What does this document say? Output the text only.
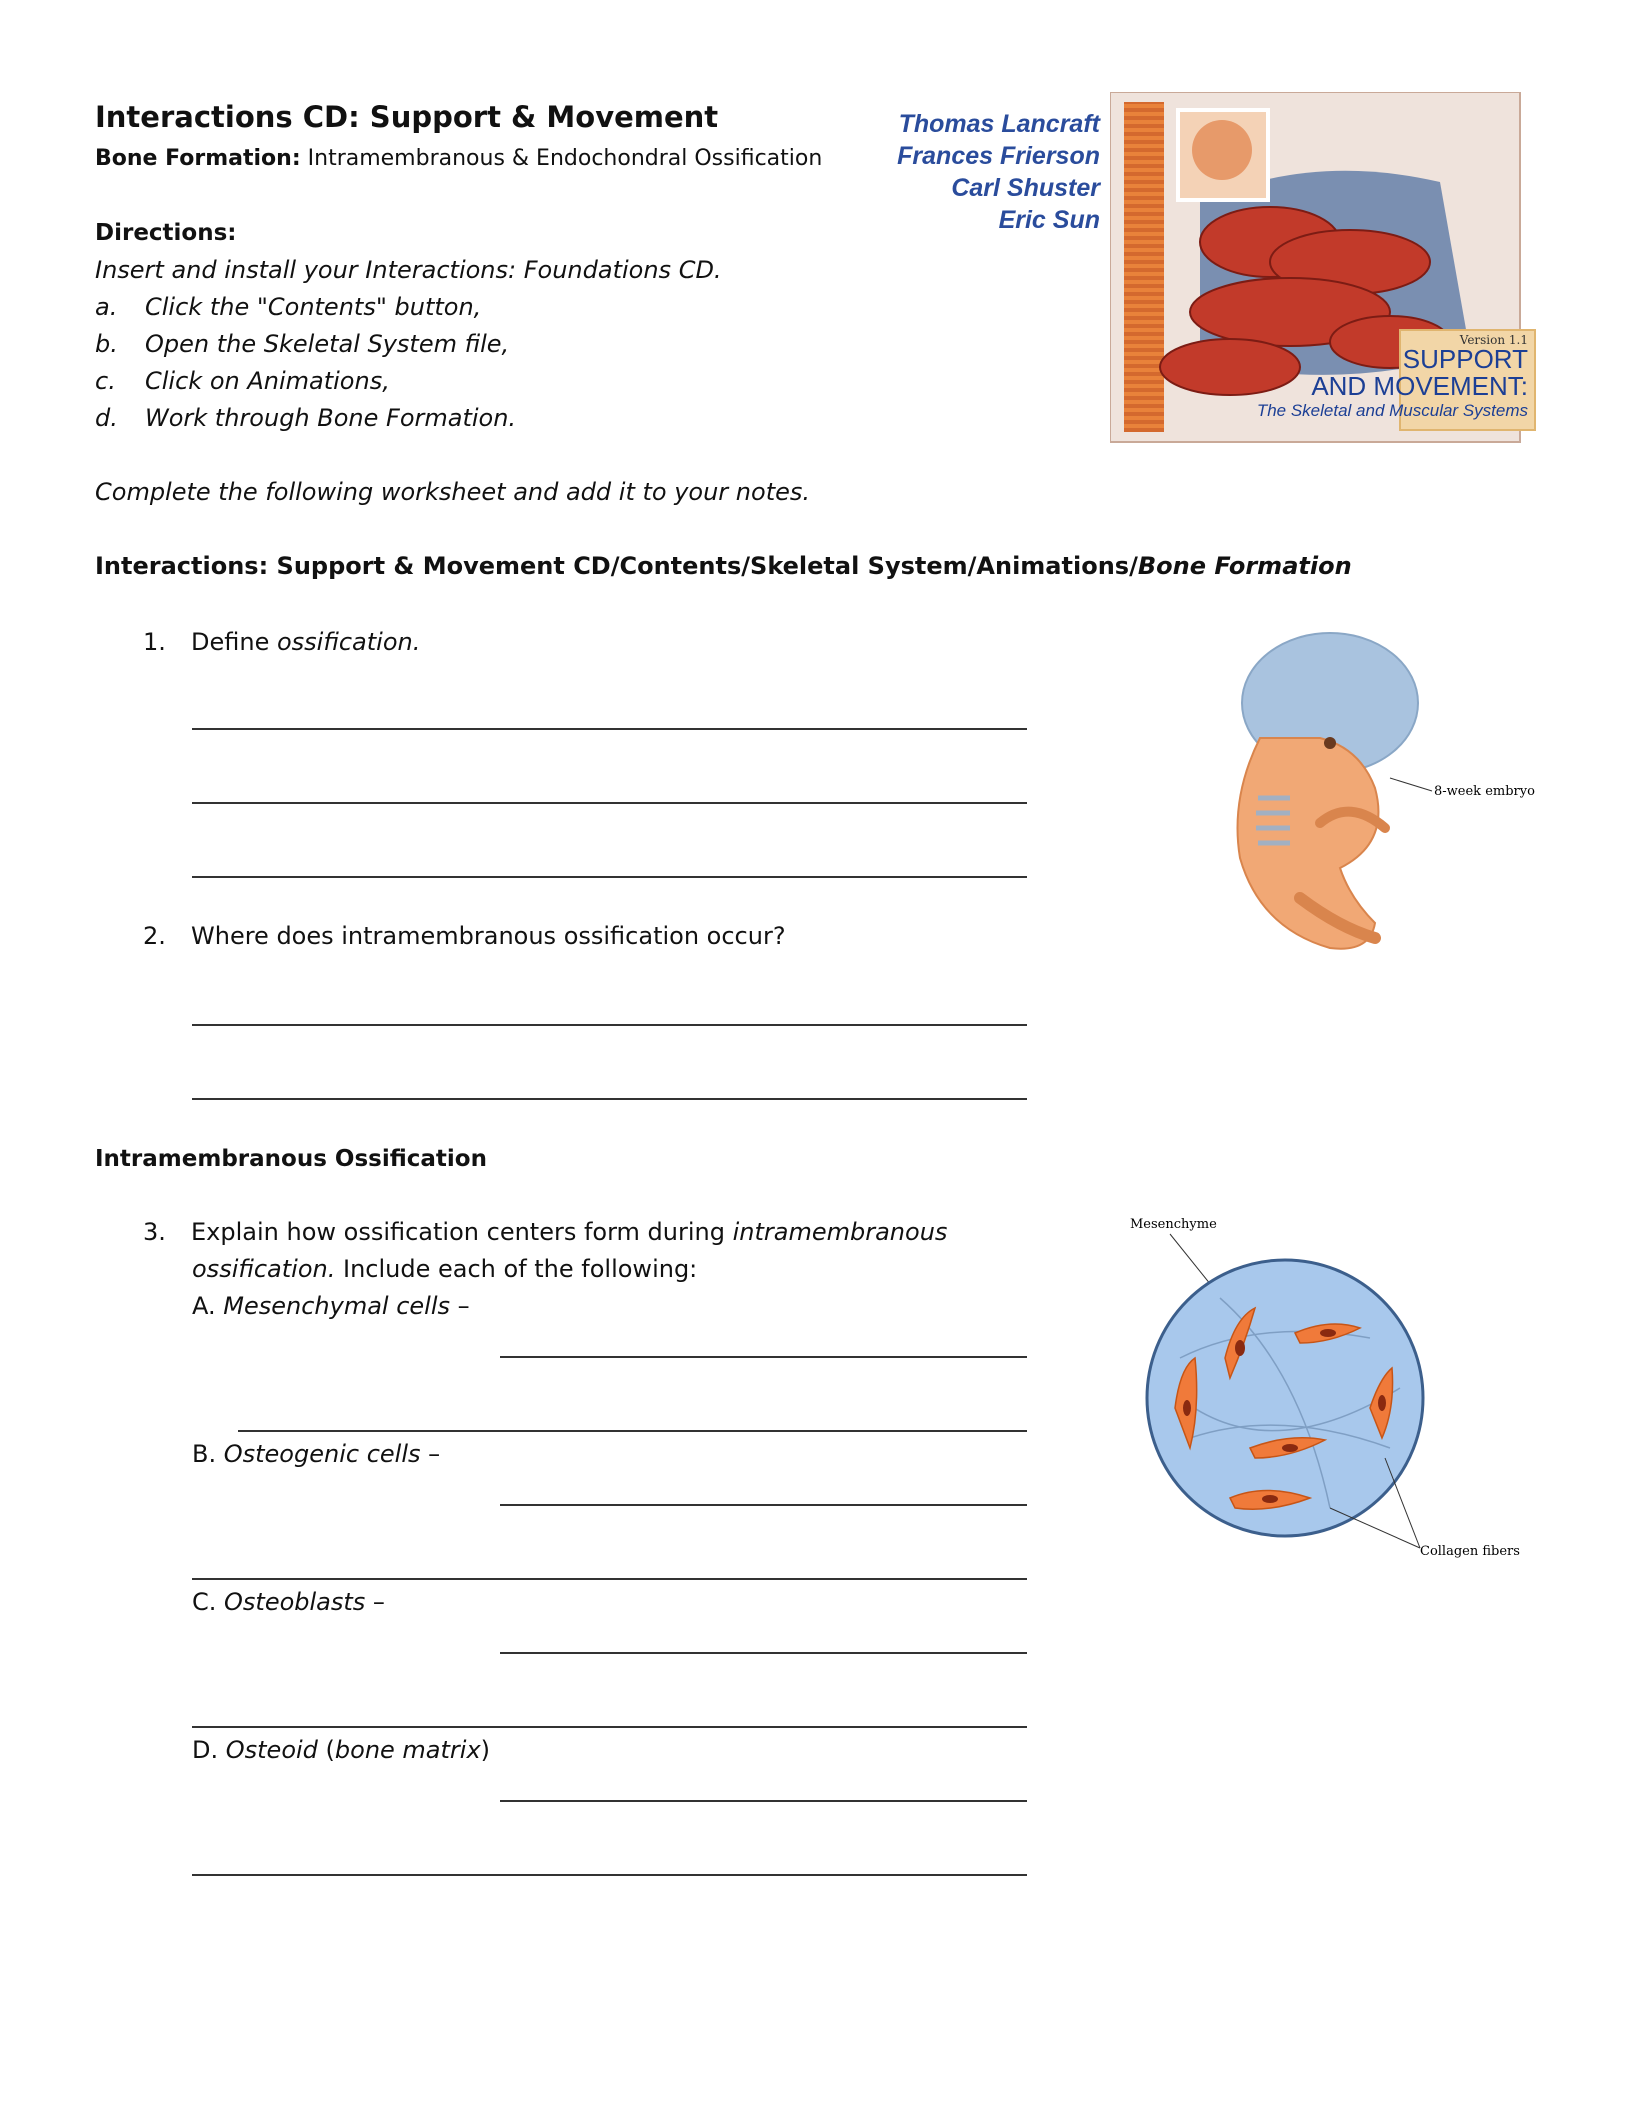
Interactions CD: Support & Movement
Bone Formation: Intramembranous & Endochondral Ossification
Thomas Lancraft
Frances Frierson
Carl Shuster
Eric Sun
Version 1.1
SUPPORT
AND MOVEMENT:
The Skeletal and Muscular Systems
Directions:
Insert and install your Interactions: Foundations CD.
a. Click the "Contents" button,
b. Open the Skeletal System file,
c. Click on Animations,
d. Work through Bone Formation.
Complete the following worksheet and add it to your notes.
Interactions: Support & Movement CD/Contents/Skeletal System/Animations/Bone Formation
1. Define ossification.
2. Where does intramembranous ossification occur?
8-week embryo
Intramembranous Ossification
3. Explain how ossification centers form during intramembranous
ossification. Include each of the following:
A. Mesenchymal cells –
B. Osteogenic cells –
C. Osteoblasts –
D. Osteoid (bone matrix)
Mesenchyme
Collagen fibers
